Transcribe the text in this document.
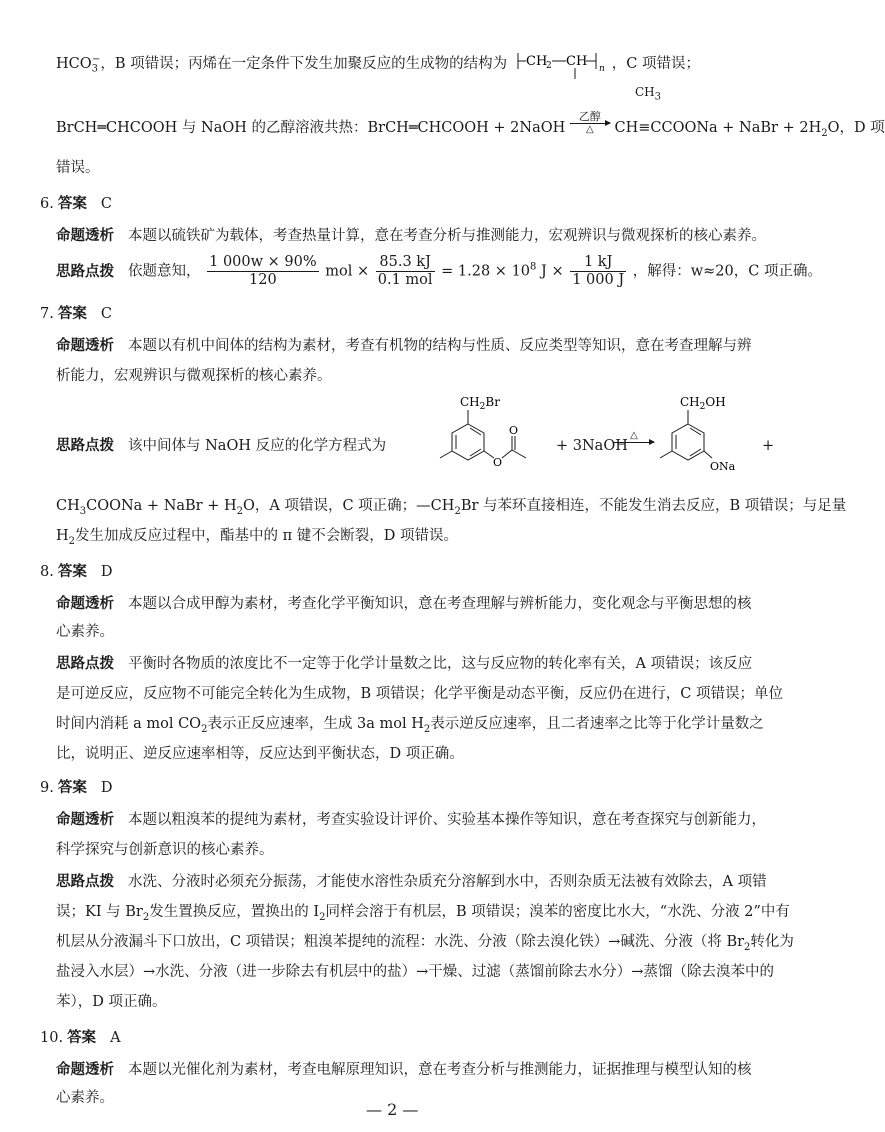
$HCO_3^-$，B 项错误；丙烯在一定条件下发生加聚反应的生成物的结构为 CH
2 CH n ，C 项错误；
$CH_3$
BrCH═CHCOOH 与 NaOH 的乙醇溶液共热：BrCH═CHCOOH + 2NaOH
乙醇
△	CH≡CCOONa + NaBr + $2H_2O$，D 项
错误。
6. 答案 C
命题透析 本题以硫铁矿为载体，考查热量计算，意在考查分析与推测能力，宏观辨识与微观探析的核心素养。
思路点拨 依题意知， $\frac{1 000w \times 90\%}{120}$ mol × $\frac{85.3 kJ}{\text{0.1 mol}} = 1.28 \times 10^8$ $J \times \frac{1 kJ}{1 000 J}$ ，解得：w≈20，C 项正确。
7. 答案 C
命题透析 本题以有机中间体的结构为素材，考查有机物的结构与性质、反应类型等知识，意在考查理解与辨
析能力，宏观辨识与微观探析的核心素养。
思路点拨 该中间体与 NaOH 反应的化学方程式为
$CH_2Br$
O
O
+ 3NaOH
△
$CH_2OH$
ONa
+
$CH_3COONa$ + NaBr + $H_2O$，A 项错误，C 项正确；$—CH_2Br$ 与苯环直接相连，不能发生消去反应，B 项错误；与足量
$H_2$发生加成反应过程中，酯基中的 π 键不会断裂，D 项错误。
8. 答案 D
命题透析 本题以合成甲醇为素材，考查化学平衡知识，意在考查理解与辨析能力，变化观念与平衡思想的核
心素养。
思路点拨 平衡时各物质的浓度比不一定等于化学计量数之比，这与反应物的转化率有关，A 项错误；该反应
是可逆反应，反应物不可能完全转化为生成物，B 项错误；化学平衡是动态平衡，反应仍在进行，C 项错误；单位
时间内消耗 a mol $CO_2$表示正反应速率，生成 3a mol $H_2$表示逆反应速率，且二者速率之比等于化学计量数之
比，说明正、逆反应速率相等，反应达到平衡状态，D 项正确。
9. 答案 D
命题透析 本题以粗溴苯的提纯为素材，考查实验设计评价、实验基本操作等知识，意在考查探究与创新能力，
科学探究与创新意识的核心素养。
思路点拨 水洗、分液时必须充分振荡，才能使水溶性杂质充分溶解到水中，否则杂质无法被有效除去，A 项错
误；KI 与 $Br_2$发生置换反应，置换出的 $I_2$同样会溶于有机层，B 项错误；溴苯的密度比水大，“水洗、分液 2”中有
机层从分液漏斗下口放出，C 项错误；粗溴苯提纯的流程：水洗、分液（除去溴化铁）→碱洗、分液（将 $Br_2$转化为
盐浸入水层）→水洗、分液（进一步除去有机层中的盐）→干燥、过滤（蒸馏前除去水分）→蒸馏（除去溴苯中的
苯），D 项正确。
10. 答案 A
命题透析 本题以光催化剂为素材，考查电解原理知识，意在考查分析与推测能力，证据推理与模型认知的核
心素养。
— 2 —
